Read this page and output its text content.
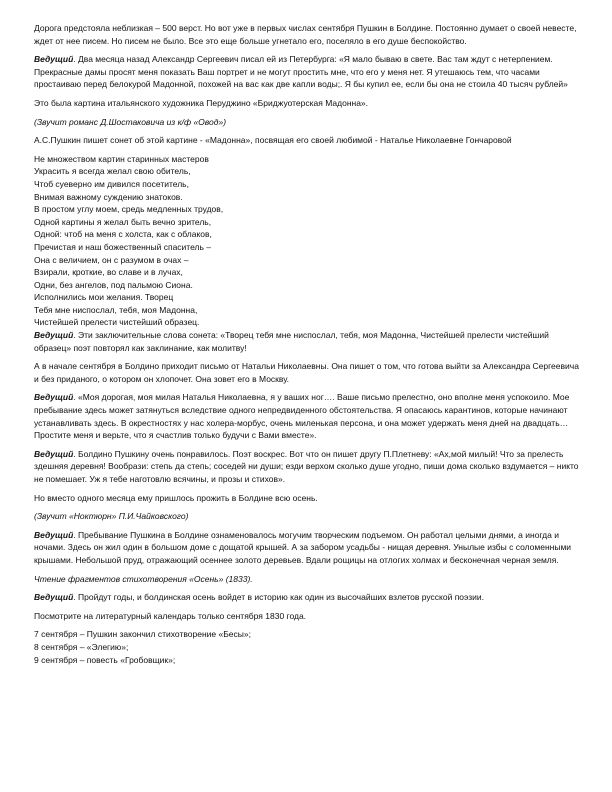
Дорога предстояла неблизкая – 500 верст. Но вот уже в первых числах сентября Пушкин в Болдине. Постоянно думает о своей невесте, ждет от нее писем. Но писем не было. Все это еще больше угнетало его, поселяло в его душе беспокойство.

Ведущий. Два месяца назад Александр Сергеевич писал ей из Петербурга: «Я мало бываю в свете. Вас там ждут с нетерпением. Прекрасные дамы просят меня показать Ваш портрет и не могут простить мне, что его у меня нет. Я утешаюсь тем, что часами простаиваю перед белокурой Мадонной, похожей на вас как две капли воды;. Я бы купил ее, если бы она не стоила 40 тысяч рублей»

Это была картина итальянского художника Перуджино «Бриджуотерская Мадонна».

(Звучит романс Д.Шостаковича из к/ф «Овод»)

А.С.Пушкин пишет сонет об этой картине - «Мадонна», посвящая его своей любимой - Наталье Николаевне Гончаровой

Не множеством картин старинных мастеров
Украсить я всегда желал свою обитель,
Чтоб суеверно им дивился посетитель,
Внимая важному суждению знатоков.
В простом углу моем, средь медленных трудов,
Одной картины я желал быть вечно зритель,
Одной: чтоб на меня с холста, как с облаков,
Пречистая и наш божественный спаситель –
Она с величием, он с разумом в очах –
Взирали, кроткие, во славе и в лучах,
Одни, без ангелов, под пальмою Сиона.
Исполнились мои желания. Творец
Тебя мне ниспослал, тебя, моя Мадонна,
Чистейшей прелести чистейший образец.

Ведущий. Эти заключительные слова сонета: «Творец тебя мне ниспослал, тебя, моя Мадонна, Чистейшей прелести чистейший образец» поэт повторял как заклинание, как молитву!

А в начале сентября в Болдино приходит письмо от Натальи Николаевны. Она пишет о том, что готова выйти за Александра Сергеевича и без приданого, о котором он хлопочет. Она зовет его в Москву.

Ведущий. «Моя дорогая, моя милая Наталья Николаевна, я у ваших ног…. Ваше письмо прелестно, оно вполне меня успокоило. Мое пребывание здесь может затянуться вследствие одного непредвиденного обстоятельства. Я опасаюсь карантинов, которые начинают устанавливать здесь. В окрестностях у нас холера-морбус, очень миленькая персона, и она может удержать меня дней на двадцать… Простите меня и верьте, что я счастлив только будучи с Вами вместе».

Ведущий. Болдино Пушкину очень понравилось. Поэт воскрес. Вот что он пишет другу П.Плетневу: «Ах,мой милый! Что за прелесть здешняя деревня! Вообрази: степь да степь; соседей ни души; езди верхом сколько душе угодно, пиши дома сколько вздумается – никто не помешает. Уж я тебе наготовлю всячины, и прозы и стихов».

Но вместо одного месяца ему пришлось прожить в Болдине всю осень.

(Звучит «Ноктюрн» П.И.Чайковского)

Ведущий. Пребывание Пушкина в Болдине ознаменовалось могучим творческим подъемом. Он работал целыми днями, а иногда и ночами. Здесь он жил один в большом доме с дощатой крышей. А за забором усадьбы - нищая деревня. Унылые избы с соломенными крышами. Небольшой пруд, отражающий осеннее золото деревьев. Вдали рощицы на отлогих холмах и бесконечная черная земля.

Чтение фрагментов стихотворения «Осень» (1833).

Ведущий. Пройдут годы, и болдинская осень войдет в историю как один из высочайших взлетов русской поэзии.

Посмотрите на литературный календарь только сентября 1830 года.

7 сентября – Пушкин закончил стихотворение «Бесы»;
8 сентября – «Элегию»;
9 сентября – повесть «Гробовщик»;
